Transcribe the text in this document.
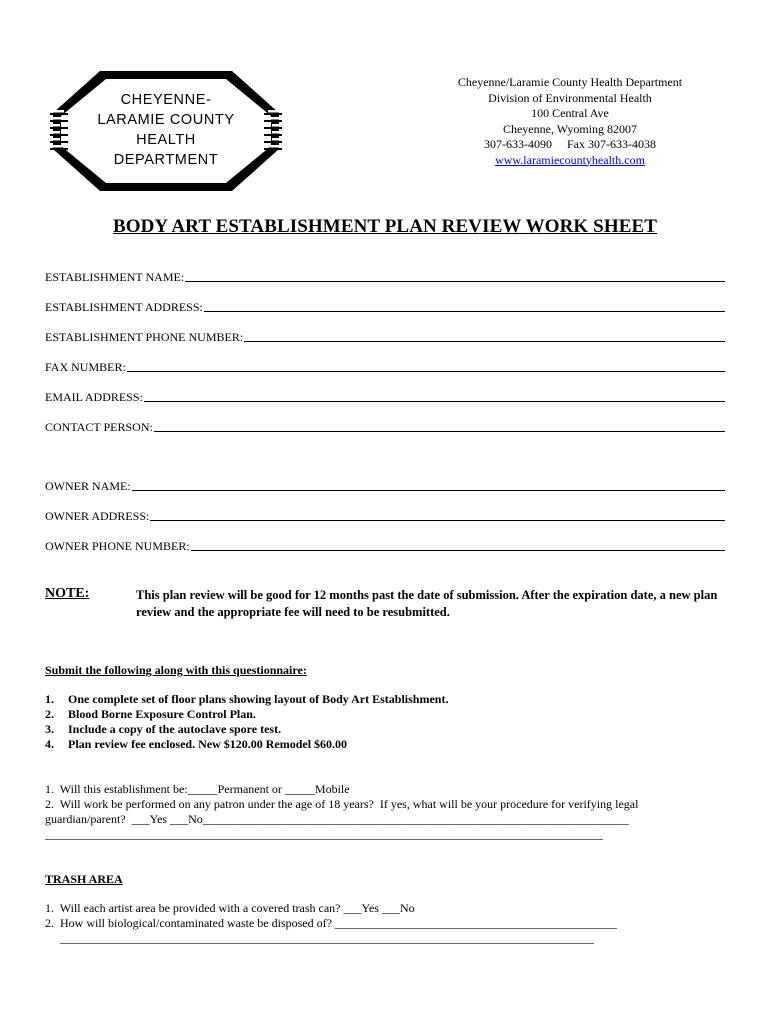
CHEYENNE-
LARAMIE COUNTY
HEALTH
DEPARTMENT
Cheyenne/Laramie County Health Department
Division of Environmental Health
100 Central Ave
Cheyenne, Wyoming 82007
307-633-4090     Fax 307-633-4038
www.laramiecountyhealth.com
BODY ART ESTABLISHMENT PLAN REVIEW WORK SHEET
ESTABLISHMENT NAME:
ESTABLISHMENT ADDRESS:
ESTABLISHMENT PHONE NUMBER:
FAX NUMBER:
EMAIL ADDRESS:
CONTACT PERSON:
OWNER NAME:
OWNER ADDRESS:
OWNER PHONE NUMBER:
NOTE:	This plan review will be good for 12 months past the date of submission. After the expiration date, a new plan review and the appropriate fee will need to be resubmitted.
Submit the following along with this questionnaire:
1.	One complete set of floor plans showing layout of Body Art Establishment.
2.	Blood Borne Exposure Control Plan.
3.	Include a copy of the autoclave spore test.
4.	Plan review fee enclosed. New $120.00 Remodel $60.00
1.  Will this establishment be:_____Permanent or _____Mobile
2.  Will work be performed on any patron under the age of 18 years?  If yes, what will be your procedure for verifying legal
guardian/parent?  ___Yes ___No_______________________________________________________________________
_____________________________________________________________________________________________
TRASH AREA
1.  Will each artist area be provided with a covered trash can? ___Yes ___No
2.  How will biological/contaminated waste be disposed of? _______________________________________________
_________________________________________________________________________________________
